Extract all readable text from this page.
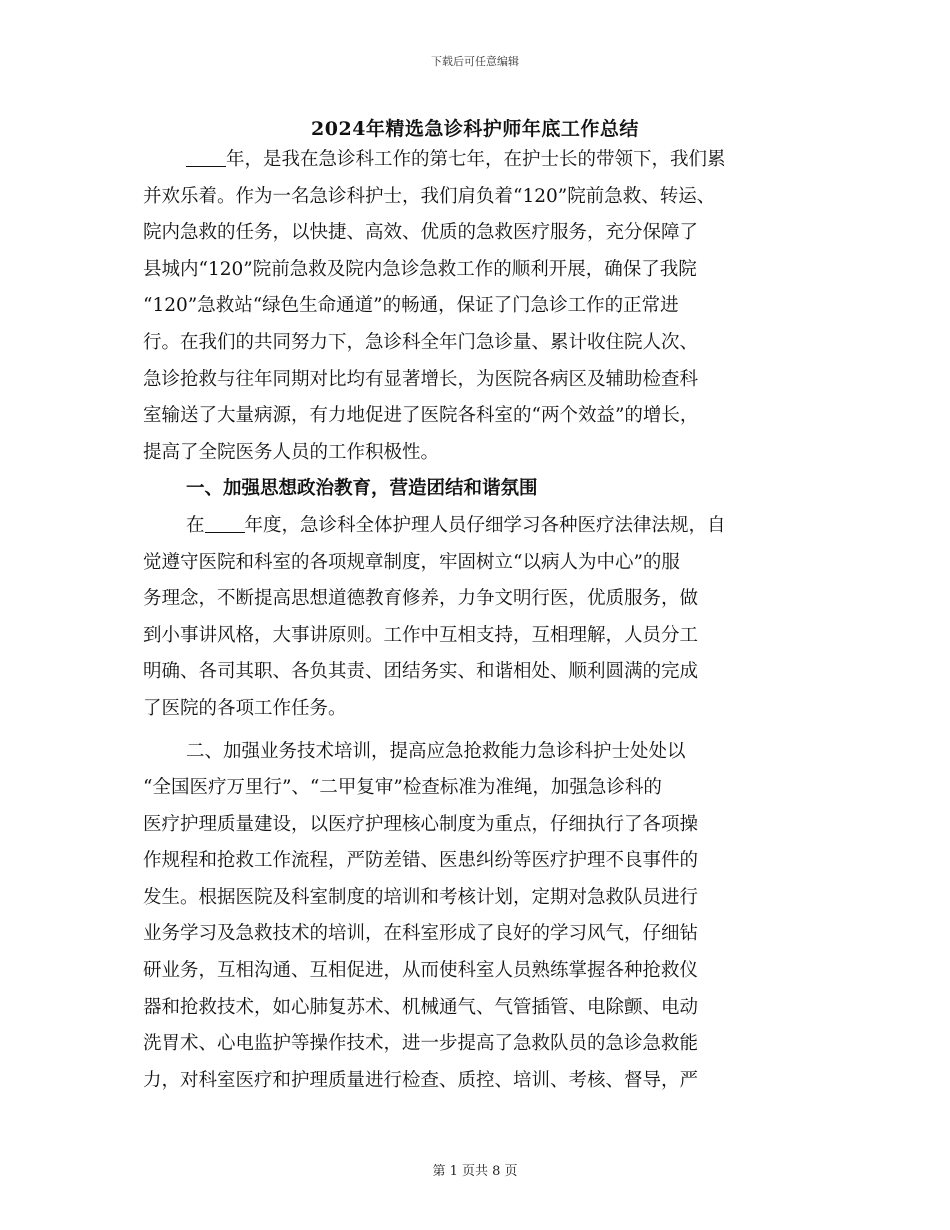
下载后可任意编辑
2024年精选急诊科护师年底工作总结
年，是我在急诊科工作的第七年，在护士长的带领下，我们累
并欢乐着。作为一名急诊科护士，我们肩负着“120”院前急救、转运、
院内急救的任务，以快捷、高效、优质的急救医疗服务，充分保障了
县城内“120”院前急救及院内急诊急救工作的顺利开展，确保了我院
“120”急救站“绿色生命通道”的畅通，保证了门急诊工作的正常进
行。在我们的共同努力下，急诊科全年门急诊量、累计收住院人次、
急诊抢救与往年同期对比均有显著增长，为医院各病区及辅助检查科
室输送了大量病源，有力地促进了医院各科室的“两个效益”的增长，
提高了全院医务人员的工作积极性。
一、加强思想政治教育，营造团结和谐氛围
在 年度，急诊科全体护理人员仔细学习各种医疗法律法规，自
觉遵守医院和科室的各项规章制度，牢固树立“以病人为中心”的服
务理念，不断提高思想道德教育修养，力争文明行医，优质服务，做
到小事讲风格，大事讲原则。工作中互相支持，互相理解，人员分工
明确、各司其职、各负其责、团结务实、和谐相处、顺利圆满的完成
了医院的各项工作任务。
二、加强业务技术培训，提高应急抢救能力急诊科护士处处以
“全国医疗万里行”、“二甲复审”检查标准为准绳，加强急诊科的
医疗护理质量建设，以医疗护理核心制度为重点，仔细执行了各项操
作规程和抢救工作流程，严防差错、医患纠纷等医疗护理不良事件的
发生。根据医院及科室制度的培训和考核计划，定期对急救队员进行
业务学习及急救技术的培训，在科室形成了良好的学习风气，仔细钻
研业务，互相沟通、互相促进，从而使科室人员熟练掌握各种抢救仪
器和抢救技术，如心肺复苏术、机械通气、气管插管、电除颤、电动
洗胃术、心电监护等操作技术，进一步提高了急救队员的急诊急救能
力，对科室医疗和护理质量进行检查、质控、培训、考核、督导，严
第 1 页共 8 页
